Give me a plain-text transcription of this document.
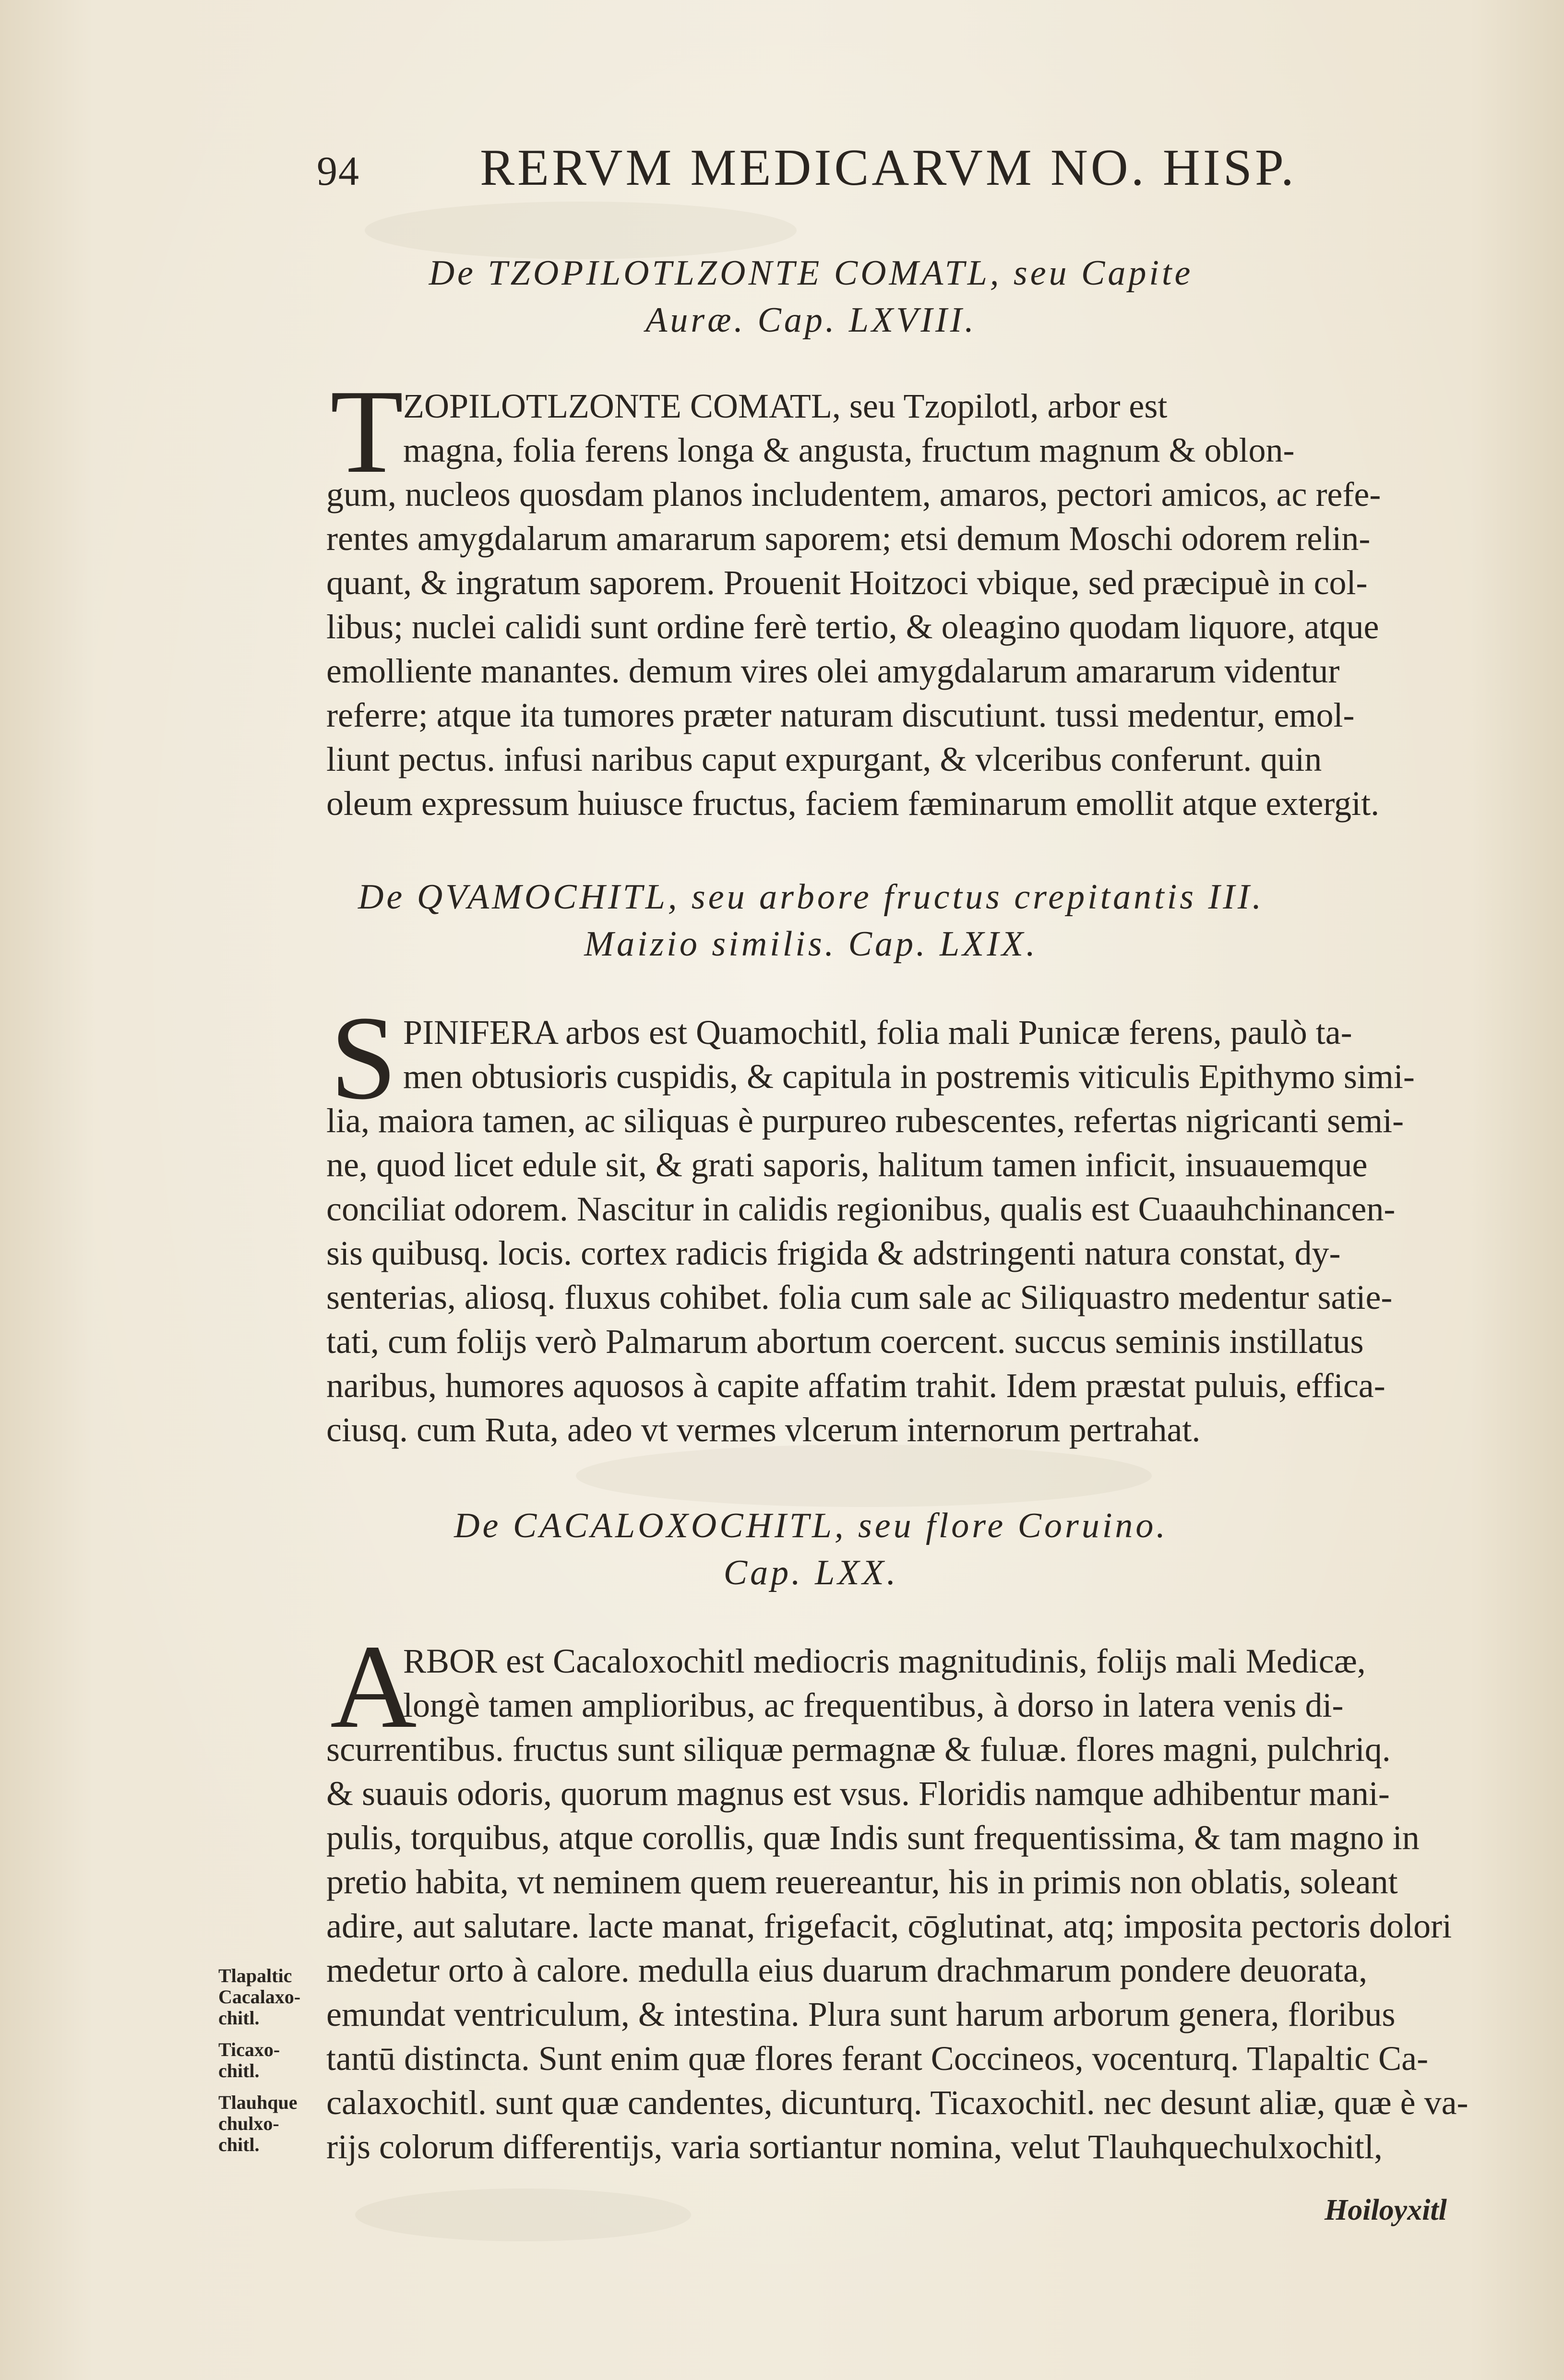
94 RERVM MEDICARVM NO. HISP.
De TZOPILOTLZONTE COMATL, seu Capite
Auræ. Cap. LXVIII.
T ZOPILOTLZONTE COMATL, seu Tzopilotl, arbor est
magna, folia ferens longa & angusta, fructum magnum & oblon-
gum, nucleos quosdam planos includentem, amaros, pectori amicos, ac refe-
rentes amygdalarum amararum saporem; etsi demum Moschi odorem relin-
quant, & ingratum saporem. Prouenit Hoitzoci vbique, sed præcipuè in col-
libus; nuclei calidi sunt ordine ferè tertio, & oleagino quodam liquore, atque
emolliente manantes. demum vires olei amygdalarum amararum videntur
referre; atque ita tumores præter naturam discutiunt. tussi medentur, emol-
liunt pectus. infusi naribus caput expurgant, & vlceribus conferunt. quin
oleum expressum huiusce fructus, faciem fæminarum emollit atque extergit.
De QVAMOCHITL, seu arbore fructus crepitantis III.
Maizio similis. Cap. LXIX.
S PINIFERA arbos est Quamochitl, folia mali Punicæ ferens, paulò ta-
men obtusioris cuspidis, & capitula in postremis viticulis Epithymo simi-
lia, maiora tamen, ac siliquas è purpureo rubescentes, refertas nigricanti semi-
ne, quod licet edule sit, & grati saporis, halitum tamen inficit, insuauemque
conciliat odorem. Nascitur in calidis regionibus, qualis est Cuaauhchinancen-
sis quibusq. locis. cortex radicis frigida & adstringenti natura constat, dy-
senterias, aliosq. fluxus cohibet. folia cum sale ac Siliquastro medentur satie-
tati, cum folijs verò Palmarum abortum coercent. succus seminis instillatus
naribus, humores aquosos à capite affatim trahit. Idem præstat puluis, effica-
ciusq. cum Ruta, adeo vt vermes vlcerum internorum pertrahat.
De CACALOXOCHITL, seu flore Coruino.
Cap. LXX.
A
RBOR est Cacaloxochitl mediocris magnitudinis, folijs mali Medicæ,
longè tamen amplioribus, ac frequentibus, à dorso in latera venis di-
scurrentibus. fructus sunt siliquæ permagnæ & fuluæ. flores magni, pulchriq.
& suauis odoris, quorum magnus est vsus. Floridis namque adhibentur mani-
pulis, torquibus, atque corollis, quæ Indis sunt frequentissima, & tam magno in
pretio habita, vt neminem quem reuereantur, his in primis non oblatis, soleant
adire, aut salutare. lacte manat, frigefacit, cōglutinat, atq; imposita pectoris dolori
medetur orto à calore. medulla eius duarum drachmarum pondere deuorata,
emundat ventriculum, & intestina. Plura sunt harum arborum genera, floribus
tantū distincta. Sunt enim quæ flores ferant Coccineos, vocenturq. Tlapaltic Ca-
calaxochitl. sunt quæ candentes, dicunturq. Ticaxochitl. nec desunt aliæ, quæ è va-
rijs colorum differentijs, varia sortiantur nomina, velut Tlauhquechulxochitl,
Tlapaltic
Cacalaxo-
chitl.
Ticaxo-
chitl.
Tlauhque
chulxo-
chitl.
Hoiloyxitl
